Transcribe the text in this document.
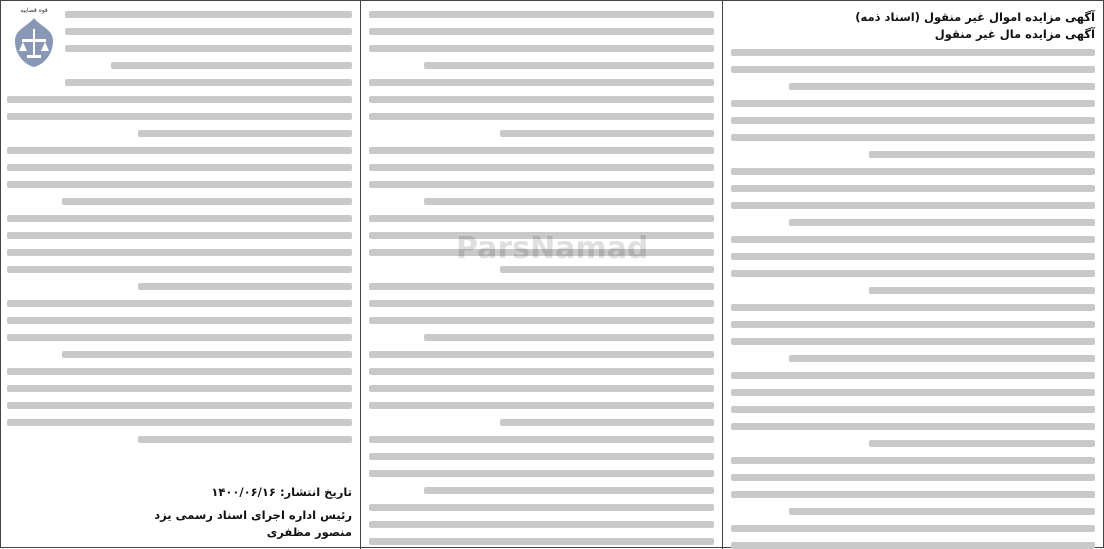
آگهی مزایده اموال غیر منقول (اسناد ذمه)

آگهی مزایده مال غیر منقول

تاریخ انتشار: ۱۴۰۰/۰۶/۱۶

رئیس اداره اجرای اسناد رسمی یزد

منصور مظفری

قوه قضاییه
